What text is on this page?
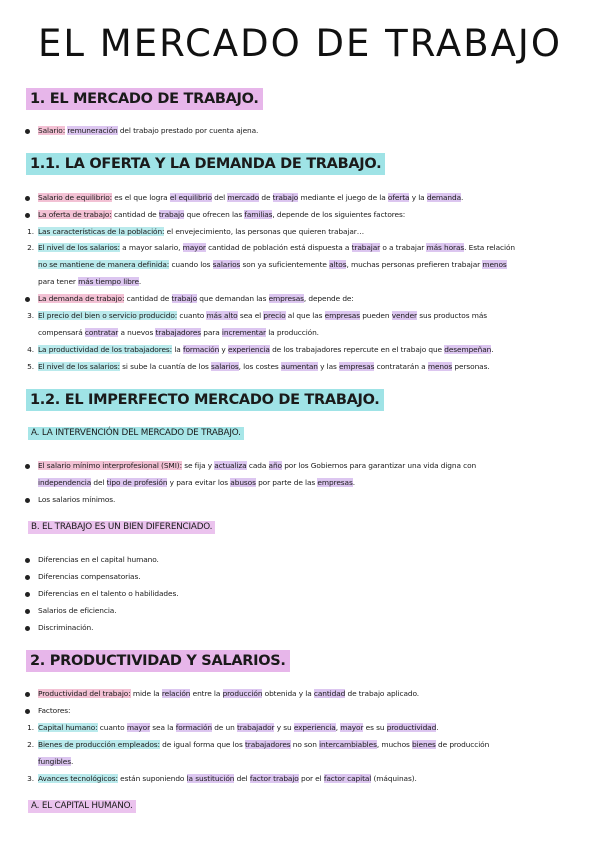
EL MERCADO DE TRABAJO
1. EL MERCADO DE TRABAJO.
Salario: remuneración del trabajo prestado por cuenta ajena.
1.1. LA OFERTA Y LA DEMANDA DE TRABAJO.
Salario de equilibrio: es el que logra el equilibrio del mercado de trabajo mediante el juego de la oferta y la demanda.
La oferta de trabajo: cantidad de trabajo que ofrecen las familias, depende de los siguientes factores:
1. Las características de la población: el envejecimiento, las personas que quieren trabajar…
2. El nivel de los salarios: a mayor salario, mayor cantidad de población está dispuesta a trabajar o a trabajar más horas. Esta relación
no se mantiene de manera definida: cuando los salarios son ya suficientemente altos, muchas personas prefieren trabajar menos
para tener más tiempo libre.
La demanda de trabajo: cantidad de trabajo que demandan las empresas, depende de:
3. El precio del bien o servicio producido: cuanto más alto sea el precio al que las empresas pueden vender sus productos más
compensará contratar a nuevos trabajadores para incrementar la producción.
4. La productividad de los trabajadores: la formación y experiencia de los trabajadores repercute en el trabajo que desempeñan.
5. El nivel de los salarios: si sube la cuantía de los salarios, los costes aumentan y las empresas contratarán a menos personas.
1.2. EL IMPERFECTO MERCADO DE TRABAJO.
A. LA INTERVENCIÓN DEL MERCADO DE TRABAJO.
El salario mínimo interprofesional (SMI): se fija y actualiza cada año por los Gobiernos para garantizar una vida digna con
independencia del tipo de profesión y para evitar los abusos por parte de las empresas.
Los salarios mínimos.
B. EL TRABAJO ES UN BIEN DIFERENCIADO.
Diferencias en el capital humano.
Diferencias compensatorias.
Diferencias en el talento o habilidades.
Salarios de eficiencia.
Discriminación.
2. PRODUCTIVIDAD Y SALARIOS.
Productividad del trabajo: mide la relación entre la producción obtenida y la cantidad de trabajo aplicado.
Factores:
1. Capital humano: cuanto mayor sea la formación de un trabajador y su experiencia, mayor es su productividad.
2. Bienes de producción empleados: de igual forma que los trabajadores no son intercambiables, muchos bienes de producción
fungibles.
3. Avances tecnológicos: están suponiendo la sustitución del factor trabajo por el factor capital (máquinas).
A. EL CAPITAL HUMANO.
